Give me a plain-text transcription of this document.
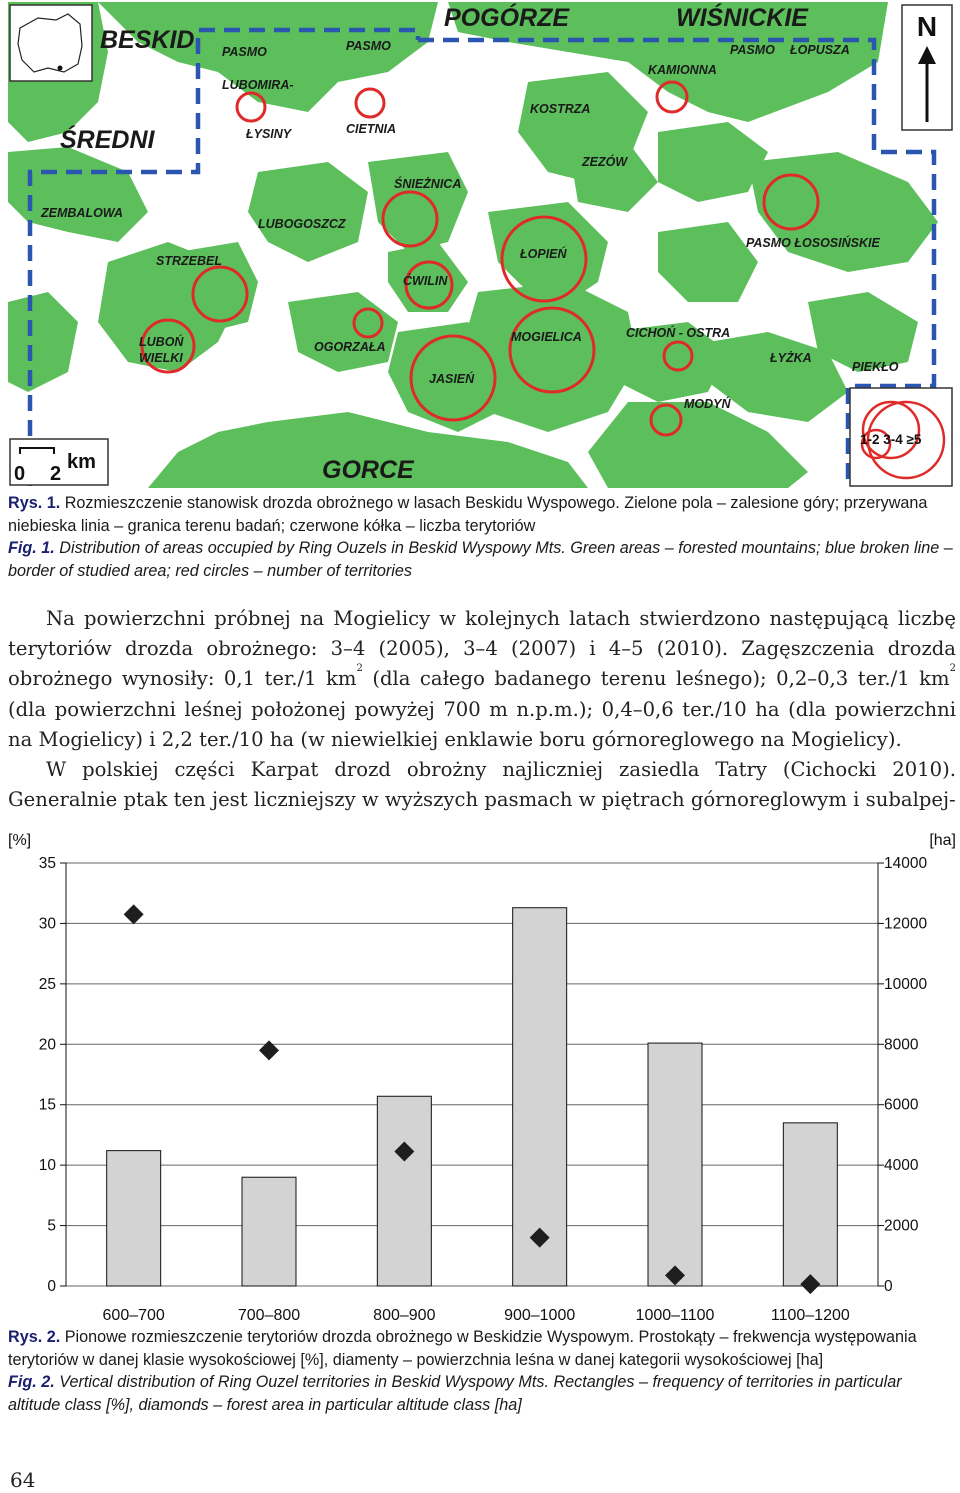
PASMO
LUBOMIRA-
ŁYSINY
PASMO
CIETNIA
KAMIONNA
PASMO ŁOPUSZA
KOSTRZA
ZEZÓW
ŚNIEŻNICA
ZEMBALOWA
LUBOGOSZCZ
ŁOPIEŃ
PASMO ŁOSOSIŃSKIE
STRZEBEL
ĆWILIN
CICHOŃ - OSTRA
MOGIELICA
LUBOŃ
WIELKI
OGORZAŁA
ŁYŻKA
PIEKŁO
JASIEŃ
MODYŃ
BESKID
ŚREDNI
POGÓRZE	WIŚNICKIE
GORCE
N
0 2
km
1-2 3-4 ≥5
Rys. 1. Rozmieszczenie stanowisk drozda obrożnego w lasach Beskidu Wyspowego. Zielone pola – zalesione góry; przerywana niebieska linia – granica terenu badań; czerwone kółka – liczba terytoriów
Fig. 1. Distribution of areas occupied by Ring Ouzels in Beskid Wyspowy Mts. Green areas – forested mountains; blue broken line – border of studied area; red circles – number of territories

Na powierzchni próbnej na Mogielicy w kolejnych latach stwierdzono następującą liczbę terytoriów drozda obrożnego: 3–4 (2005), 3–4 (2007) i 4–5 (2010). Zagęszczenia drozda obrożnego wynosiły: 0,1 ter./1 $km^2$ (dla całego badanego terenu leśnego); 0,2–0,3 ter./1 $km^2$ (dla powierzchni leśnej położonej powyżej 700 m n.p.m.); 0,4–0,6 ter./10 ha (dla powierzchni na Mogielicy) i 2,2 ter./10 ha (w niewielkiej enklawie boru górnoreglowego na Mogielicy).

W polskiej części Karpat drozd obrożny najliczniej zasiedla Tatry (Cichocki 2010). Generalnie ptak ten jest liczniejszy w wyższych pasmach w piętrach górnoreglowym i subalpej-

[%]	[ha]
0	0
5	2000
10	4000
15	6000
20	8000
25	10000
30	12000
35	14000
600–700	700–800	800–900	900–1000	1000–1100	1100–1200
Rys. 2. Pionowe rozmieszczenie terytoriów drozda obrożnego w Beskidzie Wyspowym. Prostokąty – frekwencja występowania terytoriów w danej klasie wysokościowej [%], diamenty – powierzchnia leśna w danej kategorii wysokościowej [ha]
Fig. 2. Vertical distribution of Ring Ouzel territories in Beskid Wyspowy Mts. Rectangles – frequency of territories in particular altitude class [%], diamonds – forest area in particular altitude class [ha]
64
